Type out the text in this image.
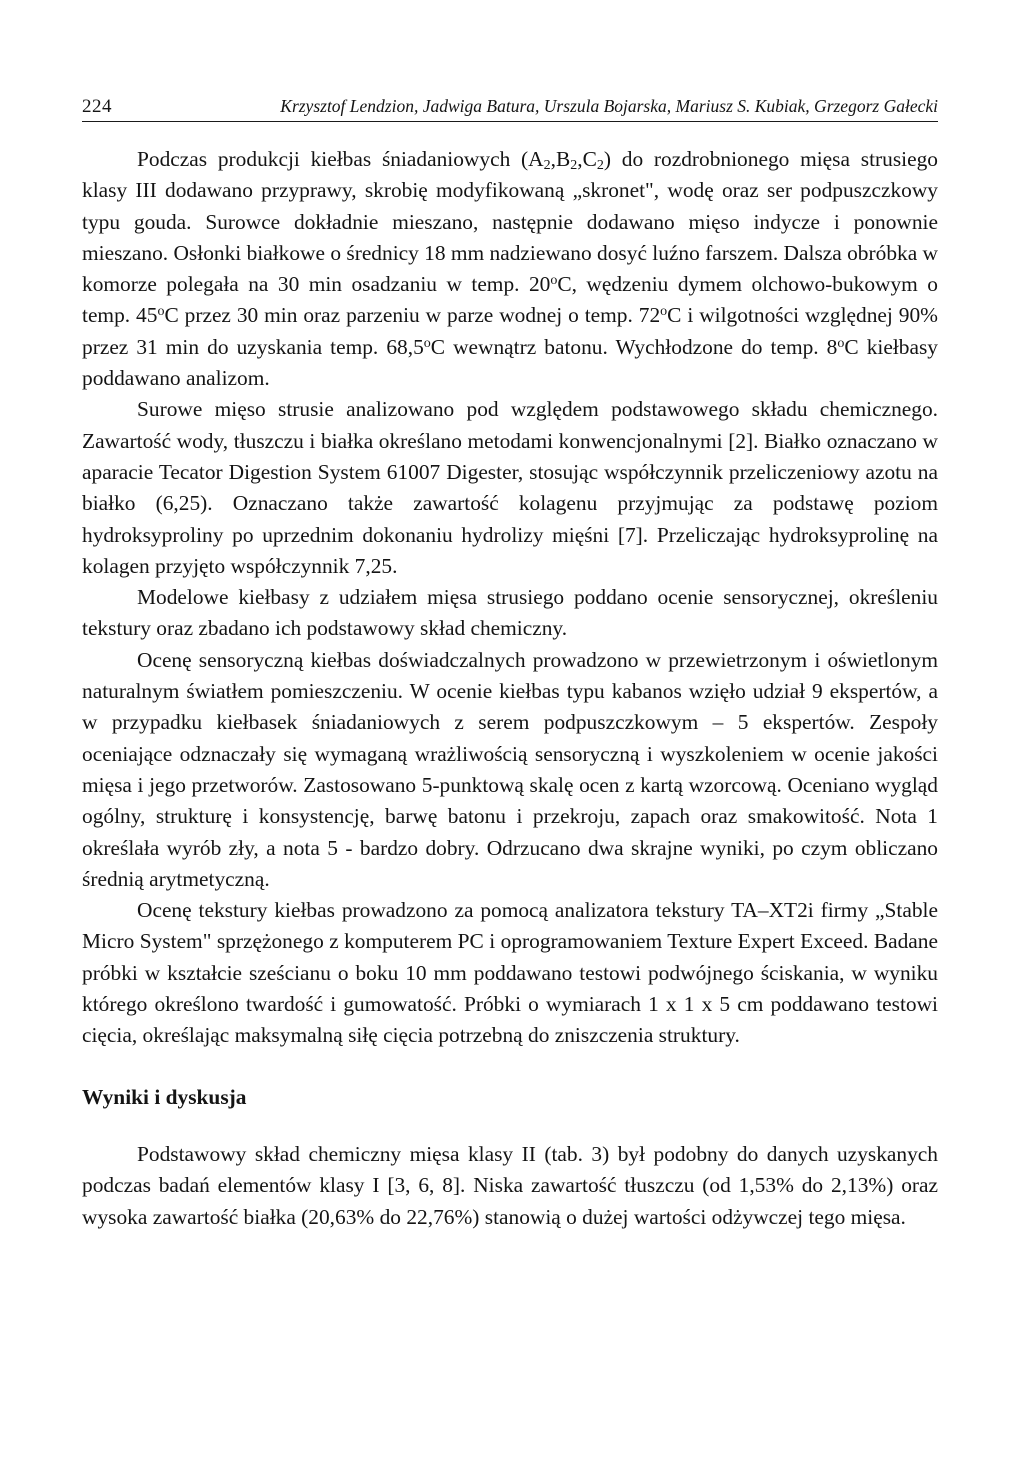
224	Krzysztof Lendzion, Jadwiga Batura, Urszula Bojarska, Mariusz S. Kubiak, Grzegorz Gałecki

Podczas produkcji kiełbas śniadaniowych $(A_2,B_2,C_2)$ do rozdrobnionego mięsa strusiego klasy III dodawano przyprawy, skrobię modyfikowaną „skronet", wodę oraz ser podpuszczkowy typu gouda. Surowce dokładnie mieszano, następnie dodawano mięso indycze i ponownie mieszano. Osłonki białkowe o średnicy 18 mm nadziewano dosyć luźno farszem. Dalsza obróbka w komorze polegała na 30 min osadzaniu w temp. 20$^o$C, wędzeniu dymem olchowo-bukowym o temp. 45$^o$C przez 30 min oraz parzeniu w parze wodnej o temp. 72$^o$C i wilgotności względnej 90% przez 31 min do uzyskania temp. 68,5$^o$C wewnątrz batonu. Wychłodzone do temp. 8$^o$C kiełbasy poddawano analizom.

Surowe mięso strusie analizowano pod względem podstawowego składu chemicznego. Zawartość wody, tłuszczu i białka określano metodami konwencjonalnymi [2]. Białko oznaczano w aparacie Tecator Digestion System 61007 Digester, stosując współczynnik przeliczeniowy azotu na białko (6,25). Oznaczano także zawartość kolagenu przyjmując za podstawę poziom hydroksyproliny po uprzednim dokonaniu hydrolizy mięśni [7]. Przeliczając hydroksyprolinę na kolagen przyjęto współczynnik 7,25.

Modelowe kiełbasy z udziałem mięsa strusiego poddano ocenie sensorycznej, określeniu tekstury oraz zbadano ich podstawowy skład chemiczny.

Ocenę sensoryczną kiełbas doświadczalnych prowadzono w przewietrzonym i oświetlonym naturalnym światłem pomieszczeniu. W ocenie kiełbas typu kabanos wzięło udział 9 ekspertów, a w przypadku kiełbasek śniadaniowych z serem podpuszczkowym – 5 ekspertów. Zespoły oceniające odznaczały się wymaganą wrażliwością sensoryczną i wyszkoleniem w ocenie jakości mięsa i jego przetworów. Zastosowano 5-punktową skalę ocen z kartą wzorcową. Oceniano wygląd ogólny, strukturę i konsystencję, barwę batonu i przekroju, zapach oraz smakowitość. Nota 1 określała wyrób zły, a nota 5 - bardzo dobry. Odrzucano dwa skrajne wyniki, po czym obliczano średnią arytmetyczną.

Ocenę tekstury kiełbas prowadzono za pomocą analizatora tekstury TA–XT2i firmy „Stable Micro System" sprzężonego z komputerem PC i oprogramowaniem Texture Expert Exceed. Badane próbki w kształcie sześcianu o boku 10 mm poddawano testowi podwójnego ściskania, w wyniku którego określono twardość i gumowatość. Próbki o wymiarach 1 x 1 x 5 cm poddawano testowi cięcia, określając maksymalną siłę cięcia potrzebną do zniszczenia struktury.

Wyniki i dyskusja

Podstawowy skład chemiczny mięsa klasy II (tab. 3) był podobny do danych uzyskanych podczas badań elementów klasy I [3, 6, 8]. Niska zawartość tłuszczu (od 1,53% do 2,13%) oraz wysoka zawartość białka (20,63% do 22,76%) stanowią o dużej wartości odżywczej tego mięsa.
